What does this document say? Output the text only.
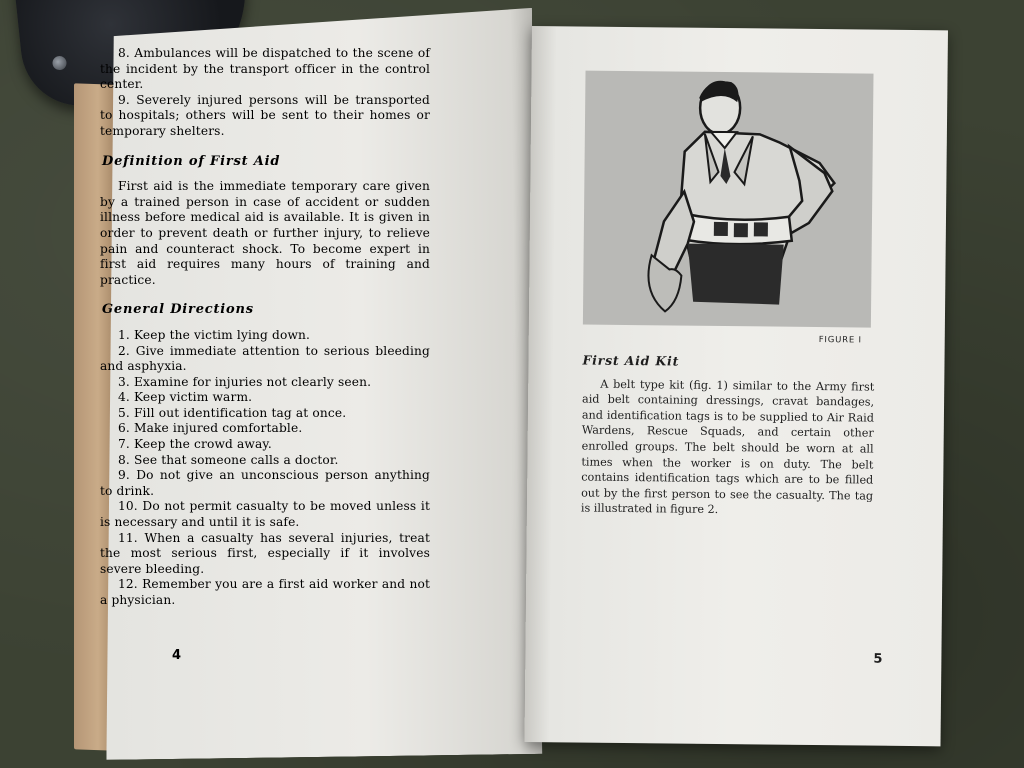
8. Ambulances will be dispatched to the scene of the incident by the transport officer in the control center.

9. Severely injured persons will be transported to hospitals; others will be sent to their homes or temporary shelters.

Definition of First Aid

First aid is the immediate temporary care given by a trained person in case of accident or sudden illness before medical aid is available. It is given in order to prevent death or further injury, to relieve pain and counteract shock. To become expert in first aid requires many hours of training and practice.

General Directions

1. Keep the victim lying down.

2. Give immediate attention to serious bleeding and asphyxia.

3. Examine for injuries not clearly seen.

4. Keep victim warm.

5. Fill out identification tag at once.

6. Make injured comfortable.

7. Keep the crowd away.

8. See that someone calls a doctor.

9. Do not give an unconscious person anything to drink.

10. Do not permit casualty to be moved unless it is necessary and until it is safe.

11. When a casualty has several injuries, treat the most serious first, especially if it involves severe bleeding.

12. Remember you are a first aid worker and not a physician.

4
FIGURE I

First Aid Kit

A belt type kit (fig. 1) similar to the Army first aid belt containing dressings, cravat bandages, and identification tags is to be supplied to Air Raid Wardens, Rescue Squads, and certain other enrolled groups. The belt should be worn at all times when the worker is on duty. The belt contains identification tags which are to be filled out by the first person to see the casualty. The tag is illustrated in figure 2.

5
